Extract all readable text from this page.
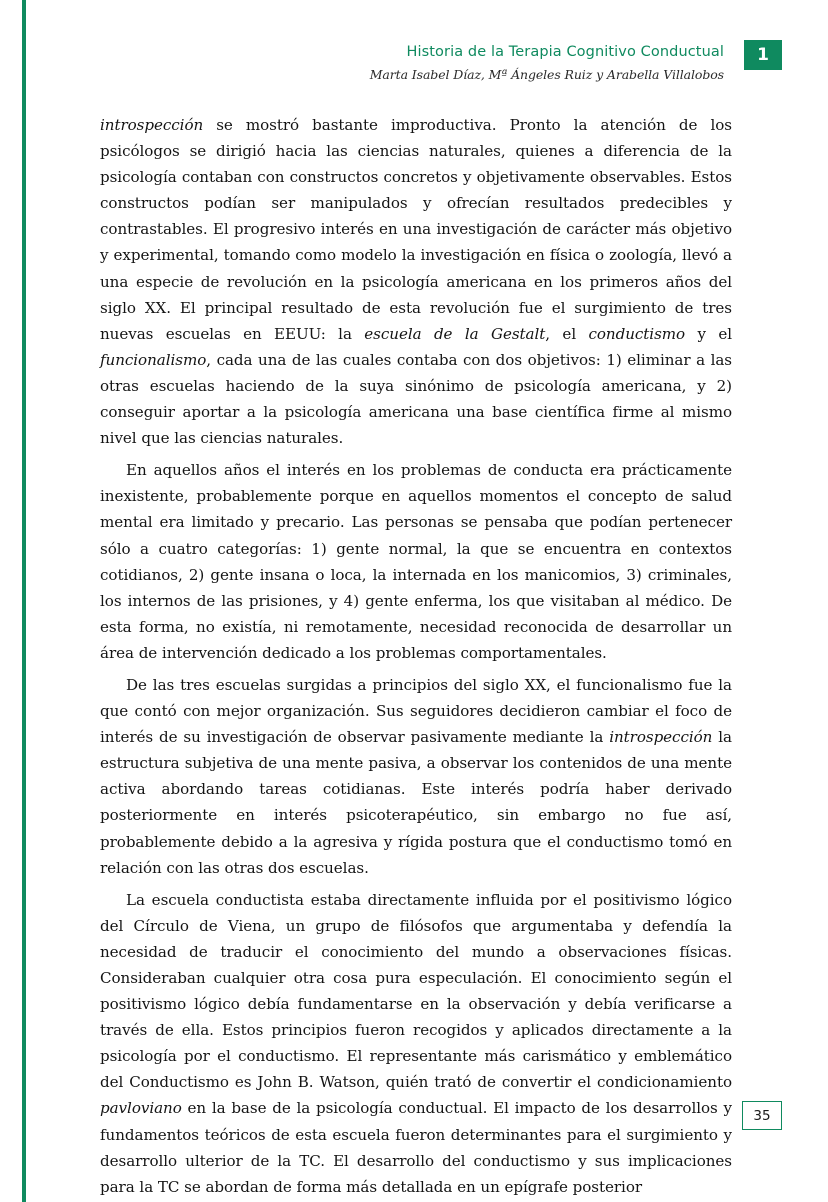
Historia de la Terapia Cognitivo Conductual
Marta Isabel Díaz, Mª Ángeles Ruiz y Arabella Villalobos
1

introspección se mostró bastante improductiva. Pronto la atención de los psicólogos se dirigió hacia las ciencias naturales, quienes a diferencia de la psicología contaban con constructos concretos y objetivamente observables. Estos constructos podían ser manipulados y ofrecían resultados predecibles y contrastables. El progresivo interés en una investigación de carácter más objetivo y experimental, tomando como modelo la investigación en física o zoología, llevó a una especie de revolución en la psicología americana en los primeros años del siglo XX. El principal resultado de esta revolución fue el surgimiento de tres nuevas escuelas en EEUU: la escuela de la Gestalt, el conductismo y el funcionalismo, cada una de las cuales contaba con dos objetivos: 1) eliminar a las otras escuelas haciendo de la suya sinónimo de psicología americana, y 2) conseguir aportar a la psicología americana una base científica firme al mismo nivel que las ciencias naturales.

En aquellos años el interés en los problemas de conducta era prácticamente inexistente, probablemente porque en aquellos momentos el concepto de salud mental era limitado y precario. Las personas se pensaba que podían pertenecer sólo a cuatro categorías: 1) gente normal, la que se encuentra en contextos cotidianos, 2) gente insana o loca, la internada en los manicomios, 3) criminales, los internos de las prisiones, y 4) gente enferma, los que visitaban al médico. De esta forma, no existía, ni remotamente, necesidad reconocida de desarrollar un área de intervención dedicado a los problemas comportamentales.

De las tres escuelas surgidas a principios del siglo XX, el funcionalismo fue la que contó con mejor organización. Sus seguidores decidieron cambiar el foco de interés de su investigación de observar pasivamente mediante la introspección la estructura subjetiva de una mente pasiva, a observar los contenidos de una mente activa abordando tareas cotidianas. Este interés podría haber derivado posteriormente en interés psicoterapéutico, sin embargo no fue así, probablemente debido a la agresiva y rígida postura que el conductismo tomó en relación con las otras dos escuelas.

La escuela conductista estaba directamente influida por el positivismo lógico del Círculo de Viena, un grupo de filósofos que argumentaba y defendía la necesidad de traducir el conocimiento del mundo a observaciones físicas. Consideraban cualquier otra cosa pura especulación. El conocimiento según el positivismo lógico debía fundamentarse en la observación y debía verificarse a través de ella. Estos principios fueron recogidos y aplicados directamente a la psicología por el conductismo. El representante más carismático y emblemático del Conductismo es John B. Watson, quién trató de convertir el condicionamiento pavloviano en la base de la psicología conductual. El impacto de los desarrollos y fundamentos teóricos de esta escuela fueron determinantes para el surgimiento y desarrollo ulterior de la TC. El desarrollo del conductismo y sus implicaciones para la TC se abordan de forma más detallada en un epígrafe posterior

35
